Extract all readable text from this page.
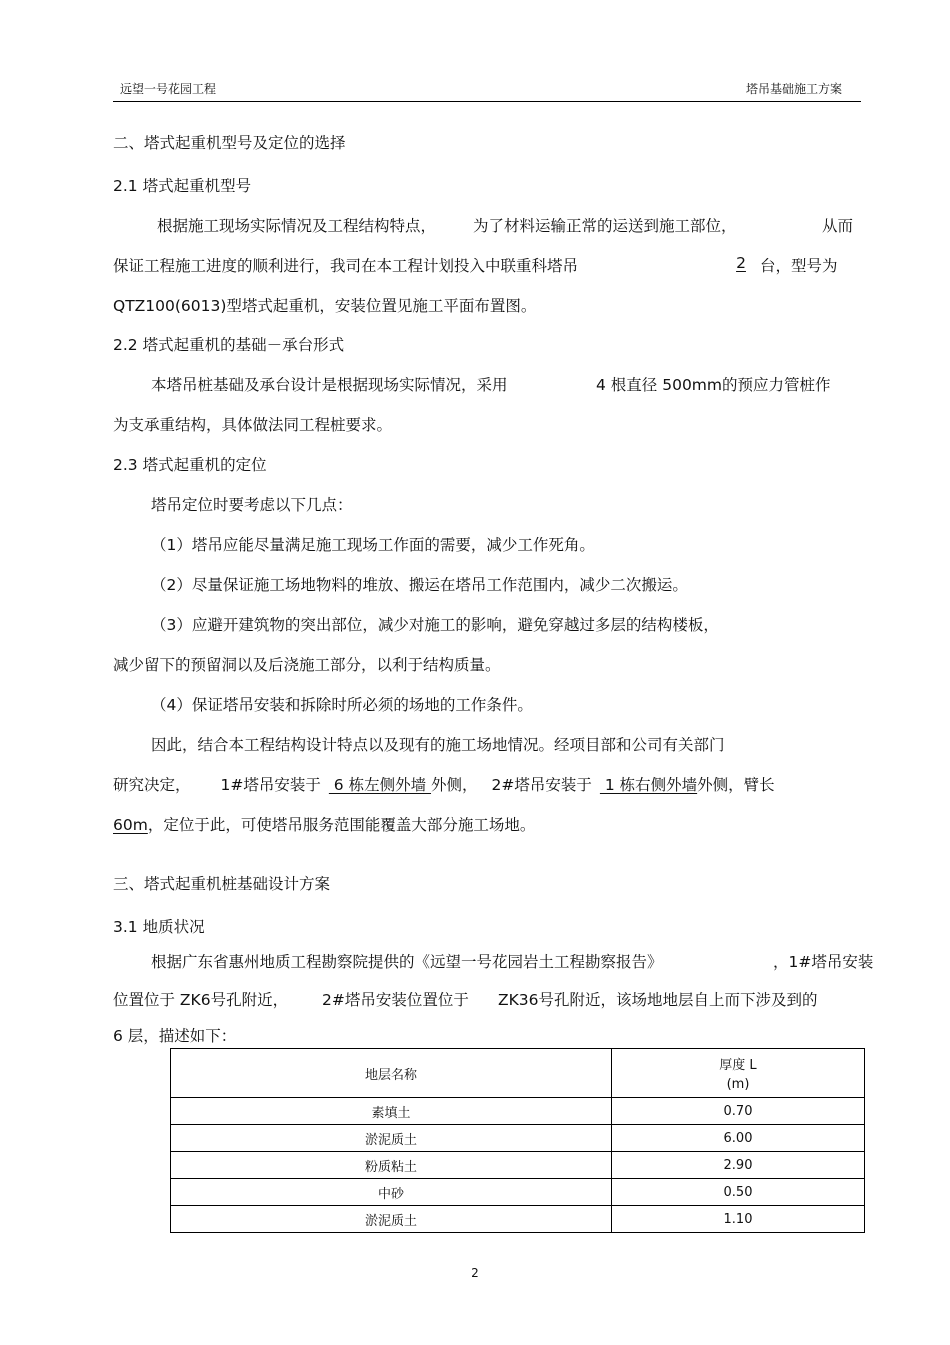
远望一号花园工程	塔吊基础施工方案
二、塔式起重机型号及定位的选择
2.1 塔式起重机型号
根据施工现场实际情况及工程结构特点， 为了材料运输正常的运送到施工部位，	从而
保证工程施工进度的顺利进行，我司在本工程计划投入中联重科塔吊	2 台，型号为
QTZ100(6013)型塔式起重机，安装位置见施工平面布置图。
2.2 塔式起重机的基础－承台形式
本塔吊桩基础及承台设计是根据现场实际情况，采用	4 根直径 500mm的预应力管桩作
为支承重结构，具体做法同工程桩要求。
2.3 塔式起重机的定位
塔吊定位时要考虑以下几点：
（1）塔吊应能尽量满足施工现场工作面的需要，减少工作死角。
（2）尽量保证施工场地物料的堆放、搬运在塔吊工作范围内，减少二次搬运。
（3）应避开建筑物的突出部位，减少对施工的影响，避免穿越过多层的结构楼板，
减少留下的预留洞以及后浇施工部分，以利于结构质量。
（4）保证塔吊安装和拆除时所必须的场地的工作条件。
因此，结合本工程结构设计特点以及现有的施工场地情况。经项目部和公司有关部门
研究决定， 1#塔吊安装于 6 栋左侧外墙 外侧， 2#塔吊安装于 1 栋右侧外墙外侧，臂长
60m，定位于此，可使塔吊服务范围能覆盖大部分施工场地。
三、塔式起重机桩基础设计方案
3.1 地质状况
根据广东省惠州地质工程勘察院提供的《远望一号花园岩土工程勘察报告》	，1#塔吊安装
位置位于 ZK6号孔附近， 2#塔吊安装位置位于 ZK36号孔附近，该场地地层自上而下涉及到的
6 层，描述如下：
地层名称	厚度 L
(m)

素填土	0.70
淤泥质土	6.00
粉质粘土	2.90
中砂	0.50
淤泥质土	1.10
2
